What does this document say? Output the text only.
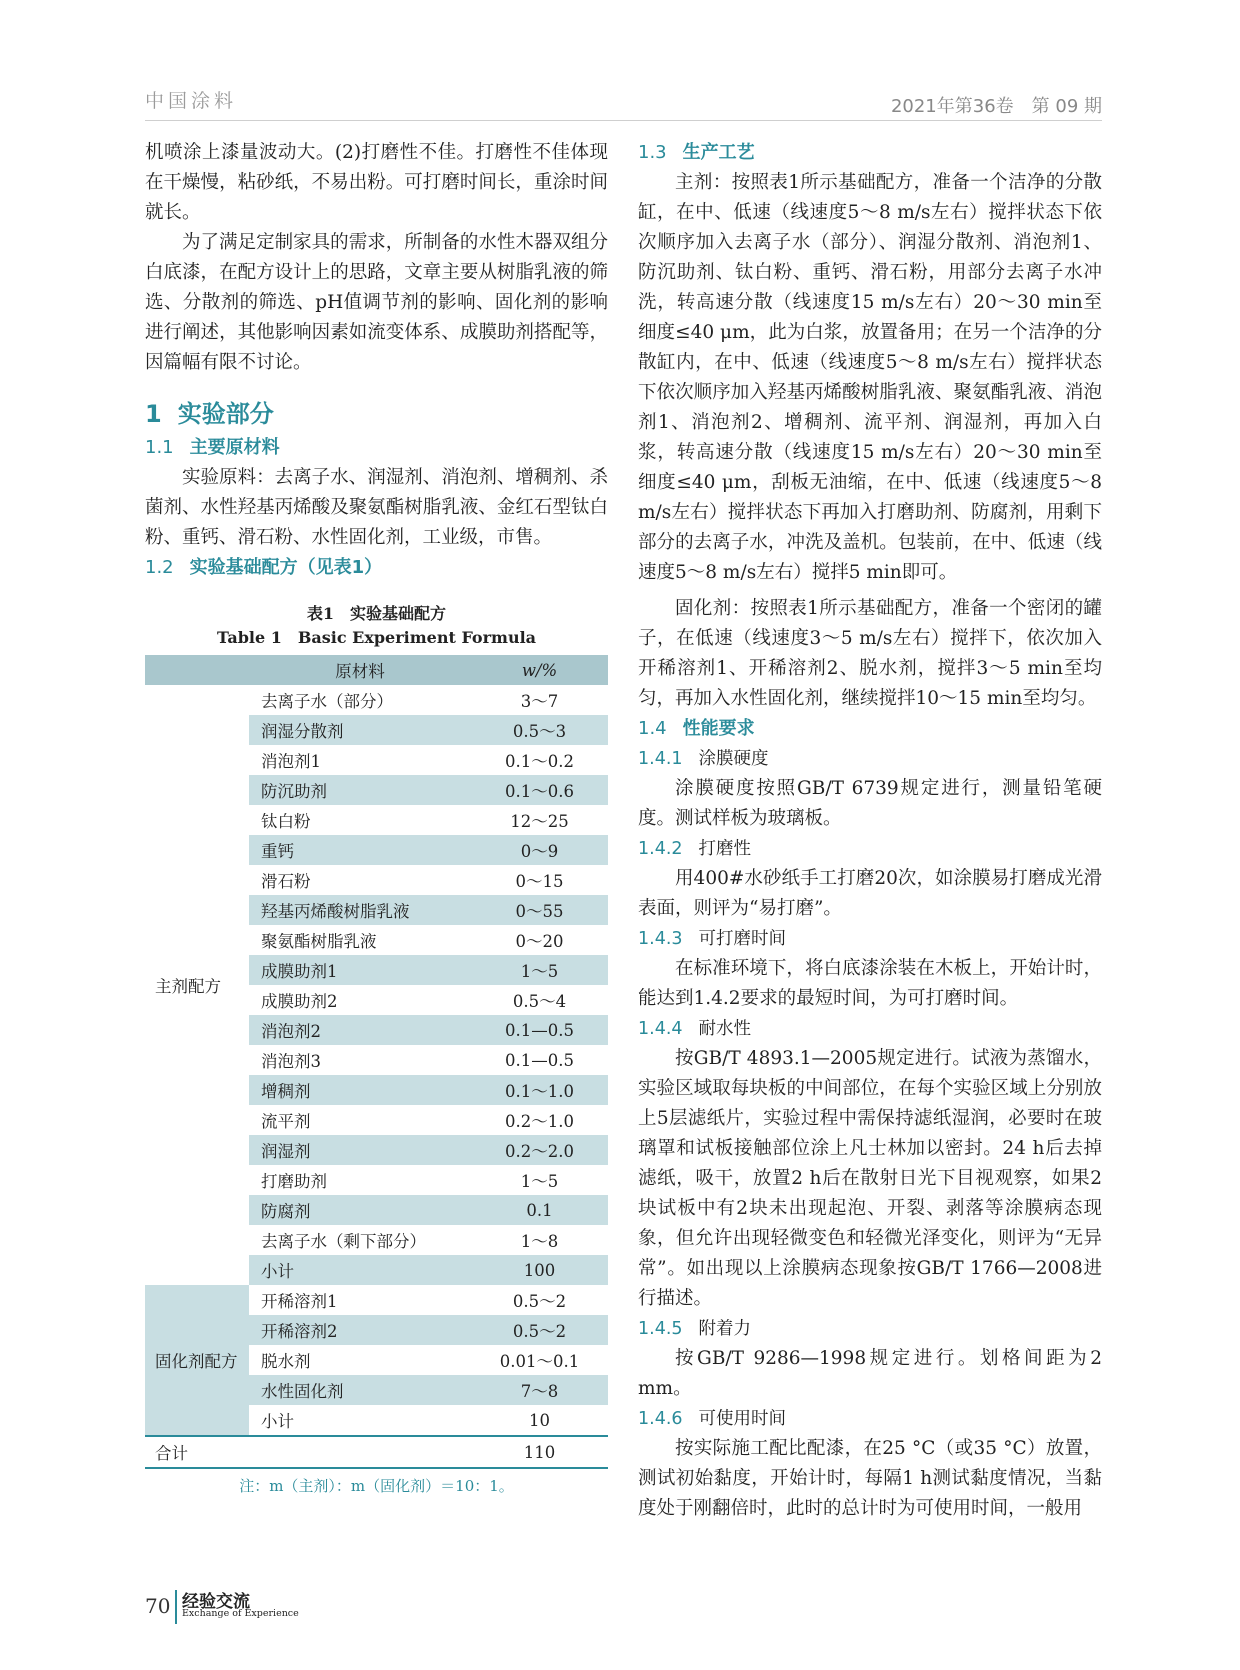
中国涂料	2021年第36卷　第 09 期

机喷涂上漆量波动大。(2)打磨性不佳。打磨性不佳体现在干燥慢，粘砂纸，不易出粉。可打磨时间长，重涂时间就长。

为了满足定制家具的需求，所制备的水性木器双组分白底漆，在配方设计上的思路，文章主要从树脂乳液的筛选、分散剂的筛选、pH值调节剂的影响、固化剂的影响进行阐述，其他影响因素如流变体系、成膜助剂搭配等，因篇幅有限不讨论。

1 实验部分
1.1 主要原材料

实验原料：去离子水、润湿剂、消泡剂、增稠剂、杀菌剂、水性羟基丙烯酸及聚氨酯树脂乳液、金红石型钛白粉、重钙、滑石粉、水性固化剂，工业级，市售。

1.2 实验基础配方（见表1）
表1　实验基础配方
Table 1　Basic Experiment Formula
	原材料	w/%
主剂配方	去离子水（部分）	3～7
	润湿分散剂	0.5～3
	消泡剂1	0.1～0.2
	防沉助剂	0.1～0.6
	钛白粉	12～25
	重钙	0～9
	滑石粉	0～15
	羟基丙烯酸树脂乳液	0～55
	聚氨酯树脂乳液	0～20
	成膜助剂1	1～5
	成膜助剂2	0.5～4
	消泡剂2	0.1—0.5
	消泡剂3	0.1—0.5
	增稠剂	0.1～1.0
	流平剂	0.2～1.0
	润湿剂	0.2～2.0
	打磨助剂	1～5
	防腐剂	0.1
	去离子水（剩下部分）	1～8
	小计	100
固化剂配方	开稀溶剂1	0.5～2
	开稀溶剂2	0.5～2
	脱水剂	0.01～0.1
	水性固化剂	7～8
	小计	10
合计		110
注：m（主剂）：m（固化剂）＝10：1。
1.3 生产工艺

主剂：按照表1所示基础配方，准备一个洁净的分散缸，在中、低速（线速度5～8 m/s左右）搅拌状态下依次顺序加入去离子水（部分）、润湿分散剂、消泡剂1、防沉助剂、钛白粉、重钙、滑石粉，用部分去离子水冲洗，转高速分散（线速度15 m/s左右）20～30 min至细度≤40 μm，此为白浆，放置备用；在另一个洁净的分散缸内，在中、低速（线速度5～8 m/s左右）搅拌状态下依次顺序加入羟基丙烯酸树脂乳液、聚氨酯乳液、消泡剂1、消泡剂2、增稠剂、流平剂、润湿剂，再加入白浆，转高速分散（线速度15 m/s左右）20～30 min至细度≤40 μm，刮板无油缩，在中、低速（线速度5～8 m/s左右）搅拌状态下再加入打磨助剂、防腐剂，用剩下部分的去离子水，冲洗及盖机。包装前，在中、低速（线速度5～8 m/s左右）搅拌5 min即可。

固化剂：按照表1所示基础配方，准备一个密闭的罐子，在低速（线速度3～5 m/s左右）搅拌下，依次加入开稀溶剂1、开稀溶剂2、脱水剂，搅拌3～5 min至均匀，再加入水性固化剂，继续搅拌10～15 min至均匀。

1.4 性能要求
1.4.1 涂膜硬度

涂膜硬度按照GB/T 6739规定进行，测量铅笔硬度。测试样板为玻璃板。

1.4.2 打磨性

用400#水砂纸手工打磨20次，如涂膜易打磨成光滑表面，则评为“易打磨”。

1.4.3 可打磨时间

在标准环境下，将白底漆涂装在木板上，开始计时，能达到1.4.2要求的最短时间，为可打磨时间。

1.4.4 耐水性

按GB/T 4893.1—2005规定进行。试液为蒸馏水，实验区域取每块板的中间部位，在每个实验区域上分别放上5层滤纸片，实验过程中需保持滤纸湿润，必要时在玻璃罩和试板接触部位涂上凡士林加以密封。24 h后去掉滤纸，吸干，放置2 h后在散射日光下目视观察，如果2块试板中有2块未出现起泡、开裂、剥落等涂膜病态现象，但允许出现轻微变色和轻微光泽变化，则评为“无异常”。如出现以上涂膜病态现象按GB/T 1766—2008进行描述。

1.4.5 附着力

按GB/T 9286—1998规定进行。划格间距为2 mm。

1.4.6 可使用时间

按实际施工配比配漆，在25 °C（或35 °C）放置，测试初始黏度，开始计时，每隔1 h测试黏度情况，当黏度处于刚翻倍时，此时的总计时为可使用时间，一般用

70 经验交流
Exchange of Experience
